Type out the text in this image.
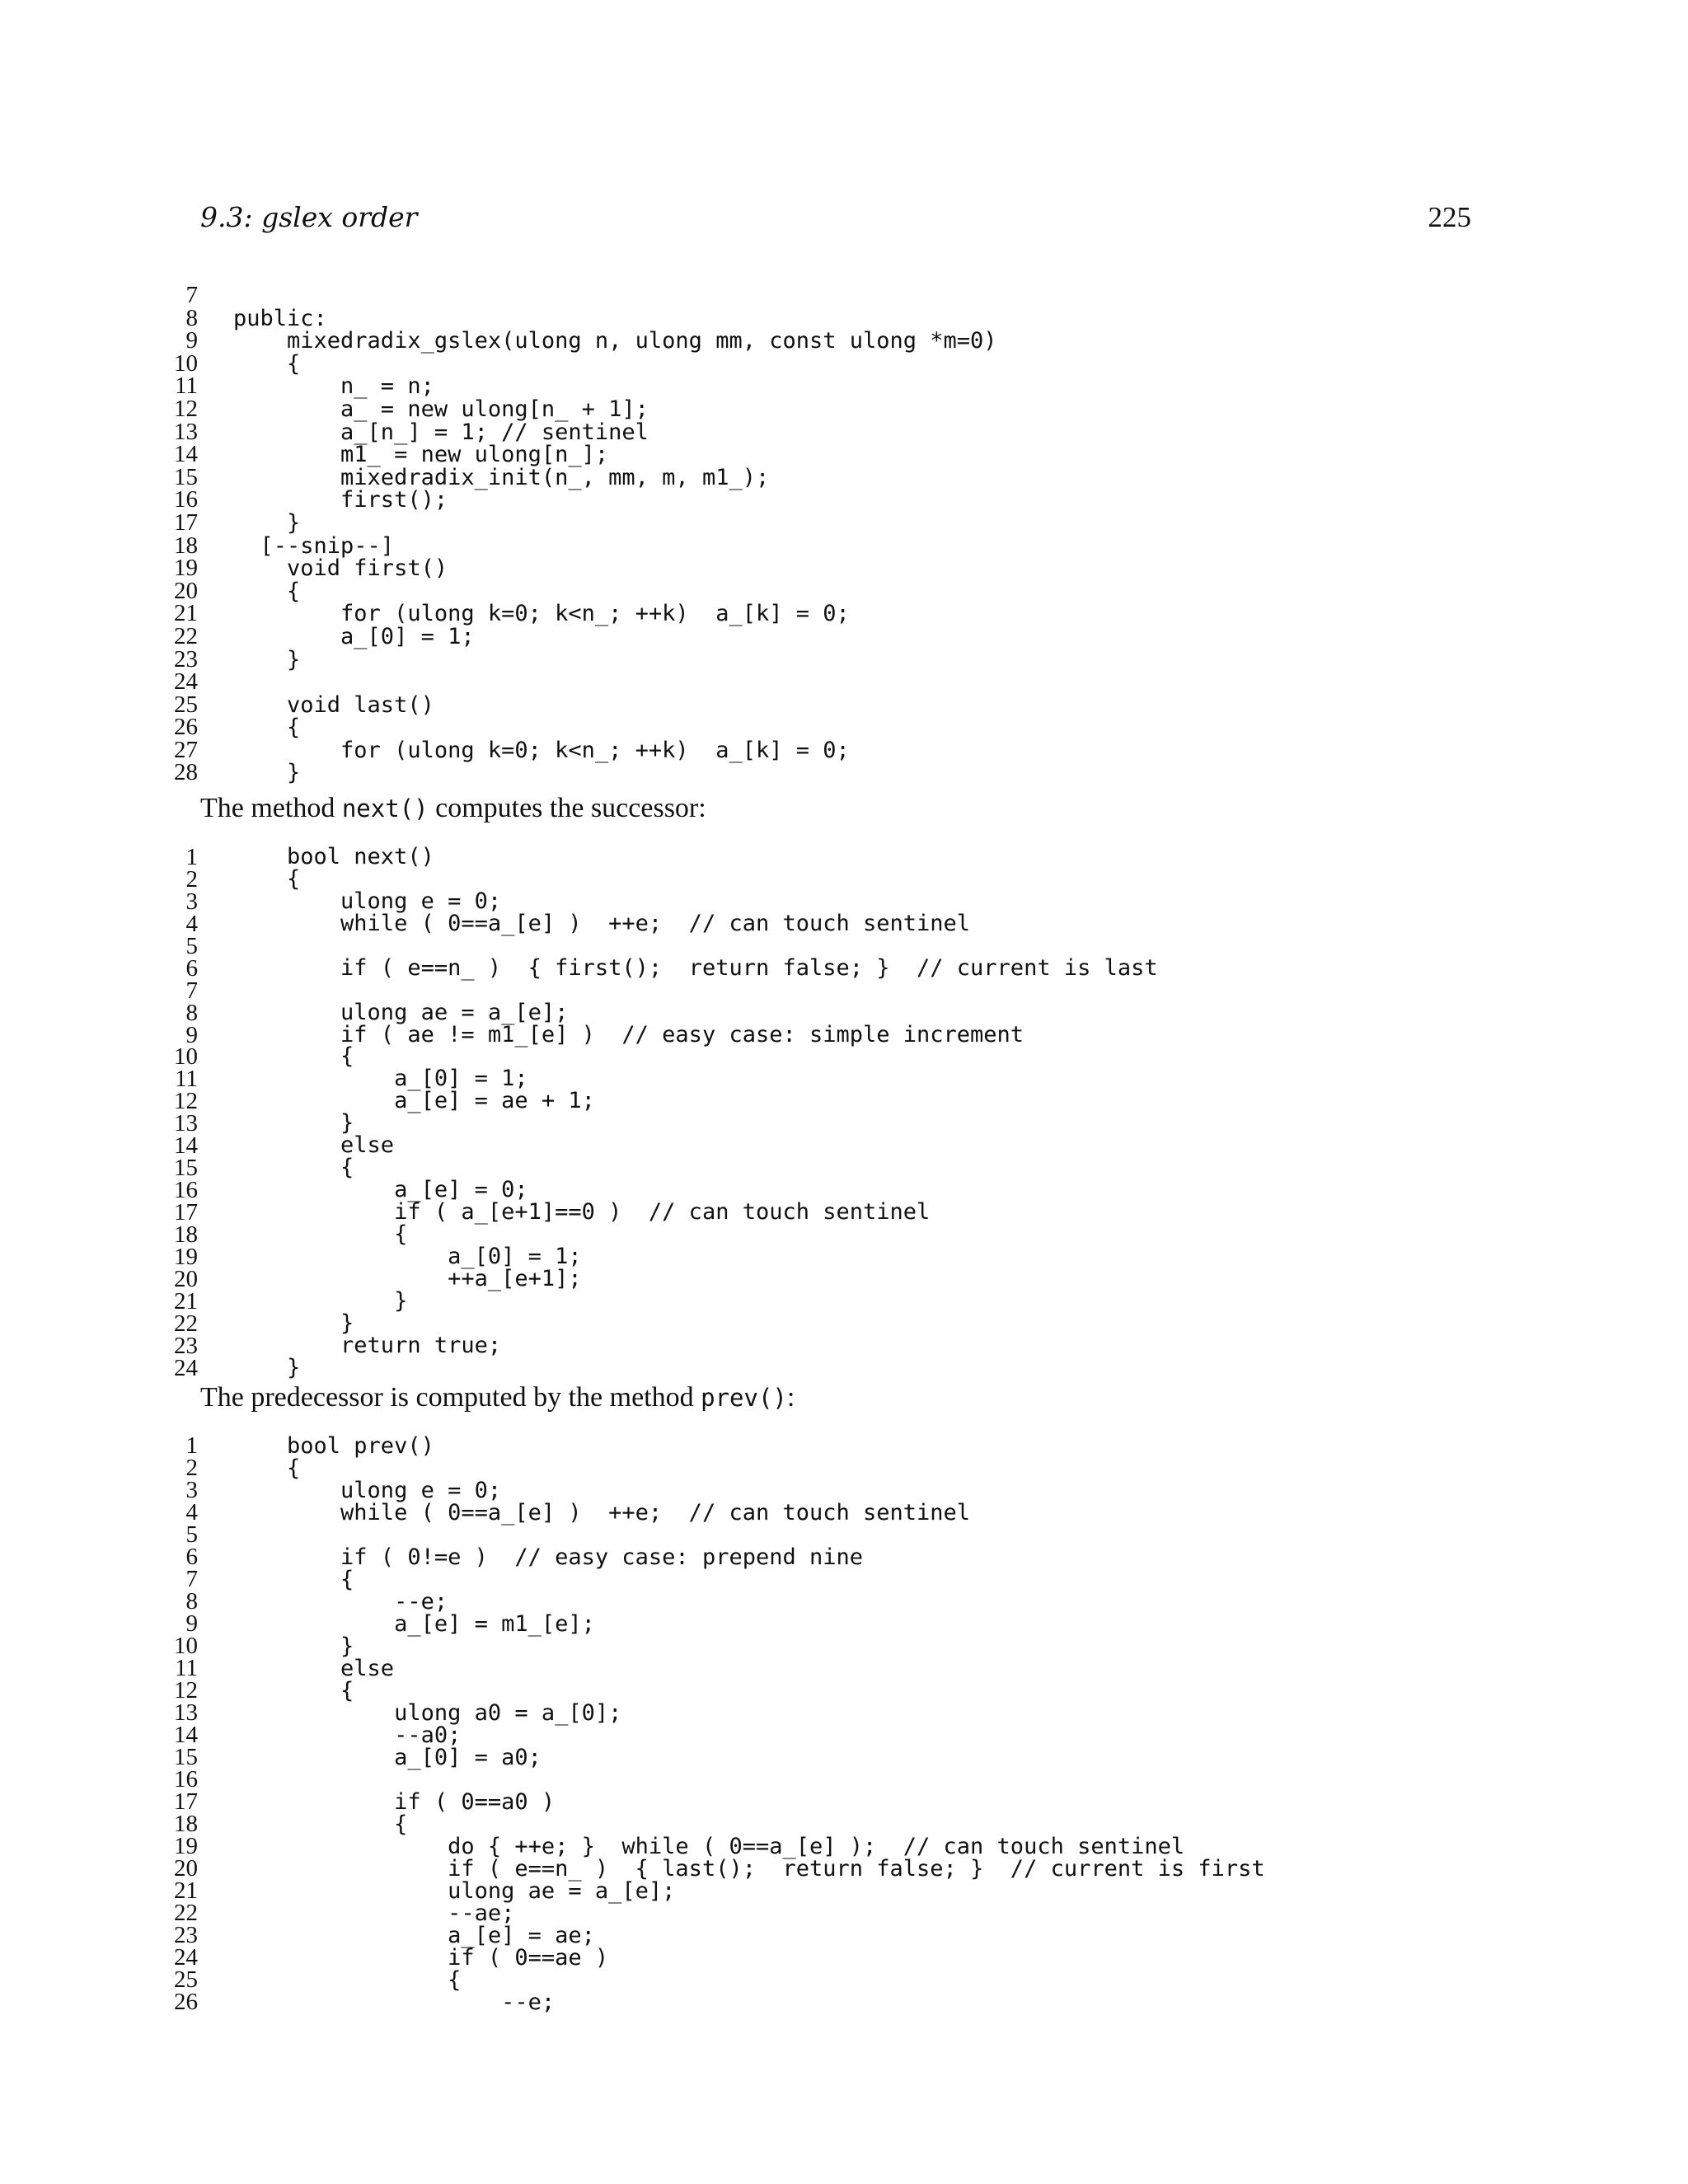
9.3: gslex order	225
7
8 public:
9 mixedradix_gslex(ulong n, ulong mm, const ulong *m=0)
10 {
11 n_ = n;
12 a_ = new ulong[n_ + 1];
13 a_[n_] = 1; // sentinel
14 m1_ = new ulong[n_];
15 mixedradix_init(n_, mm, m, m1_);
16 first();
17 }
18 [--snip--]
19 void first()
20 {
21 for (ulong k=0; k<n_; ++k)  a_[k] = 0;
22 a_[0] = 1;
23 }
24
25 void last()
26 {
27 for (ulong k=0; k<n_; ++k)  a_[k] = 0;
28 }
The method next() computes the successor:
1 bool next()
2 {
3 ulong e = 0;
4 while ( 0==a_[e] )  ++e;  // can touch sentinel
5
6 if ( e==n_ )  { first();  return false; }  // current is last
7
8 ulong ae = a_[e];
9 if ( ae != m1_[e] )  // easy case: simple increment
10 {
11 a_[0] = 1;
12 a_[e] = ae + 1;
13 }
14 else
15 {
16 a_[e] = 0;
17 if ( a_[e+1]==0 )  // can touch sentinel
18 {
19 a_[0] = 1;
20 ++a_[e+1];
21 }
22 }
23 return true;
24 }
The predecessor is computed by the method prev():
1 bool prev()
2 {
3 ulong e = 0;
4 while ( 0==a_[e] )  ++e;  // can touch sentinel
5
6 if ( 0!=e )  // easy case: prepend nine
7 {
8 --e;
9 a_[e] = m1_[e];
10 }
11 else
12 {
13 ulong a0 = a_[0];
14 --a0;
15 a_[0] = a0;
16
17 if ( 0==a0 )
18 {
19 do { ++e; }  while ( 0==a_[e] );  // can touch sentinel
20 if ( e==n_ )  { last();  return false; }  // current is first
21 ulong ae = a_[e];
22 --ae;
23 a_[e] = ae;
24 if ( 0==ae )
25 {
26 --e;
